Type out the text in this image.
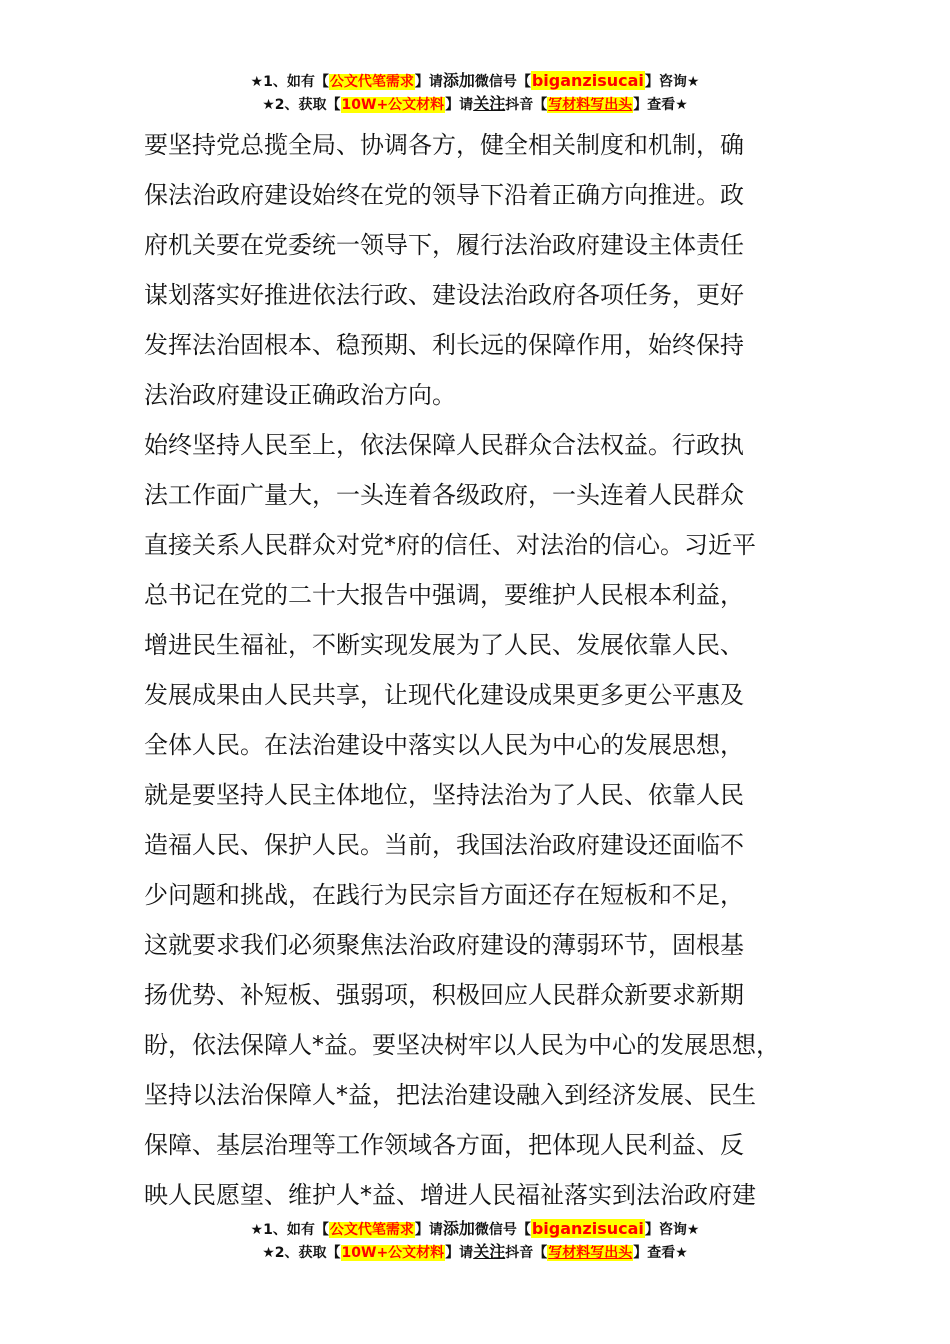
★1、如有【公文代笔需求】请添加微信号【biganzisucai】咨询★
★2、获取【10W+公文材料】请关注抖音【写材料写出头】查看★
要坚持党总揽全局、协调各方，健全相关制度和机制，确
保法治政府建设始终在党的领导下沿着正确方向推进。政
府机关要在党委统一领导下，履行法治政府建设主体责任
谋划落实好推进依法行政、建设法治政府各项任务，更好
发挥法治固根本、稳预期、利长远的保障作用，始终保持
法治政府建设正确政治方向。
始终坚持人民至上，依法保障人民群众合法权益。行政执
法工作面广量大，一头连着各级政府，一头连着人民群众
直接关系人民群众对党*府的信任、对法治的信心。习近平
总书记在党的二十大报告中强调，要维护人民根本利益，
增进民生福祉，不断实现发展为了人民、发展依靠人民、
发展成果由人民共享，让现代化建设成果更多更公平惠及
全体人民。在法治建设中落实以人民为中心的发展思想，
就是要坚持人民主体地位，坚持法治为了人民、依靠人民
造福人民、保护人民。当前，我国法治政府建设还面临不
少问题和挑战，在践行为民宗旨方面还存在短板和不足，
这就要求我们必须聚焦法治政府建设的薄弱环节，固根基
扬优势、补短板、强弱项，积极回应人民群众新要求新期
盼，依法保障人*益。要坚决树牢以人民为中心的发展思想，
坚持以法治保障人*益，把法治建设融入到经济发展、民生
保障、基层治理等工作领域各方面，把体现人民利益、反
映人民愿望、维护人*益、增进人民福祉落实到法治政府建
★1、如有【公文代笔需求】请添加微信号【biganzisucai】咨询★
★2、获取【10W+公文材料】请关注抖音【写材料写出头】查看★
